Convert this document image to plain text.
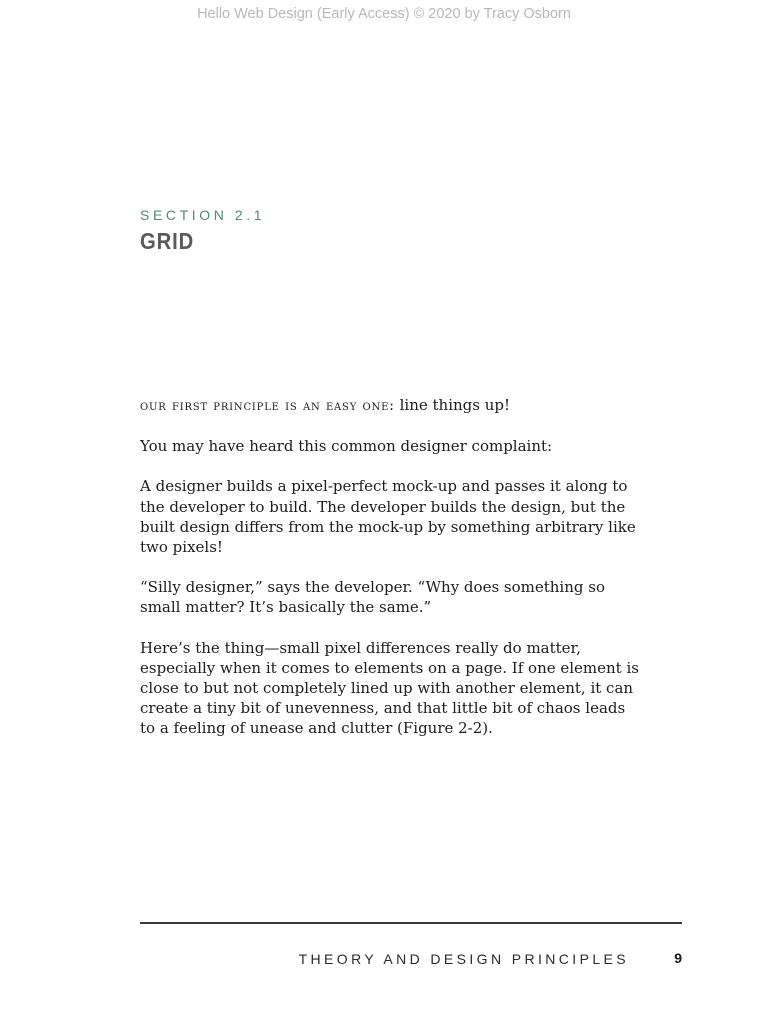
Hello Web Design (Early Access) © 2020 by Tracy Osborn
SECTION 2.1
GRID

our first principle is an easy one: line things up!

You may have heard this common designer complaint:

A designer builds a pixel-perfect mock-up and passes it along to the developer to build. The developer builds the design, but the built design differs from the mock-up by something arbitrary like two pixels!

“Silly designer,” says the developer. “Why does something so small matter? It’s basically the same.”

Here’s the thing—small pixel differences really do matter, especially when it comes to elements on a page. If one element is close to but not completely lined up with another element, it can create a tiny bit of unevenness, and that little bit of chaos leads to a feeling of unease and clutter (Figure 2-2).

THEORY AND DESIGN PRINCIPLES	9
